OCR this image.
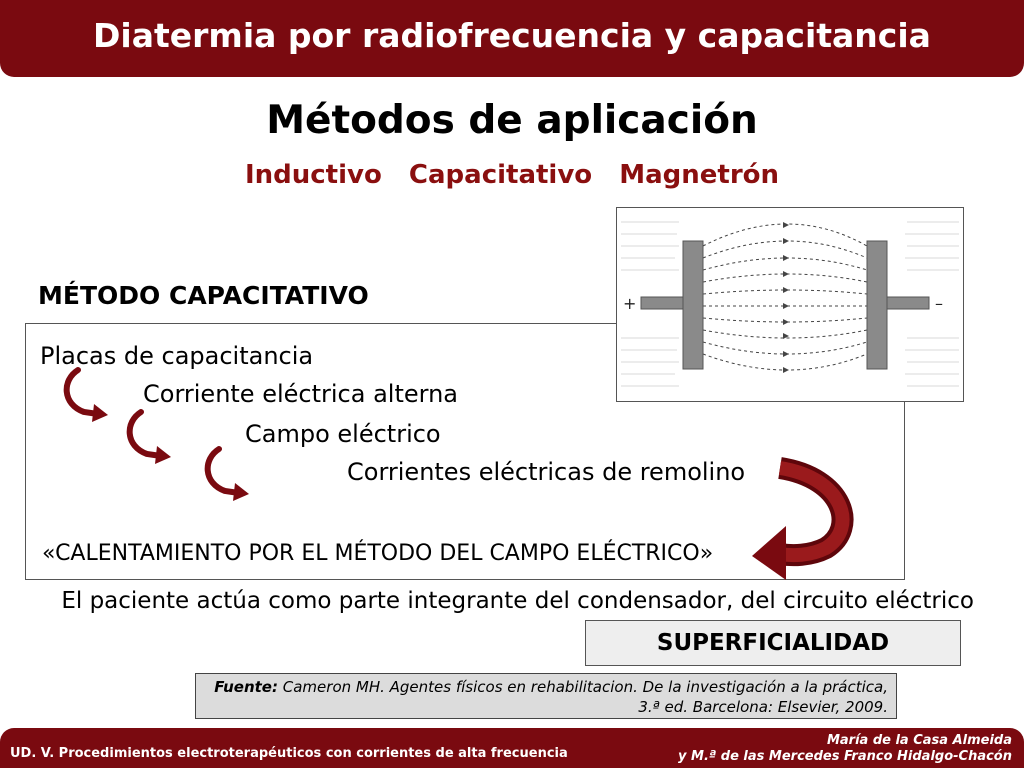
Diatermia por radiofrecuencia y capacitancia
Métodos de aplicación
Inductivo Capacitativo Magnetrón
MÉTODO CAPACITATIVO
Placas de capacitancia
Corriente eléctrica alterna
Campo eléctrico
Corrientes eléctricas de remolino
«CALENTAMIENTO POR EL MÉTODO DEL CAMPO ELÉCTRICO»
+	–
El paciente actúa como parte integrante del condensador, del circuito eléctrico
SUPERFICIALIDAD
Fuente: Cameron MH. Agentes físicos en rehabilitacion. De la investigación a la práctica,
3.ª ed. Barcelona: Elsevier, 2009.
UD. V. Procedimientos electroterapéuticos con corrientes de alta frecuencia
María de la Casa Almeida
y M.ª de las Mercedes Franco Hidalgo-Chacón
